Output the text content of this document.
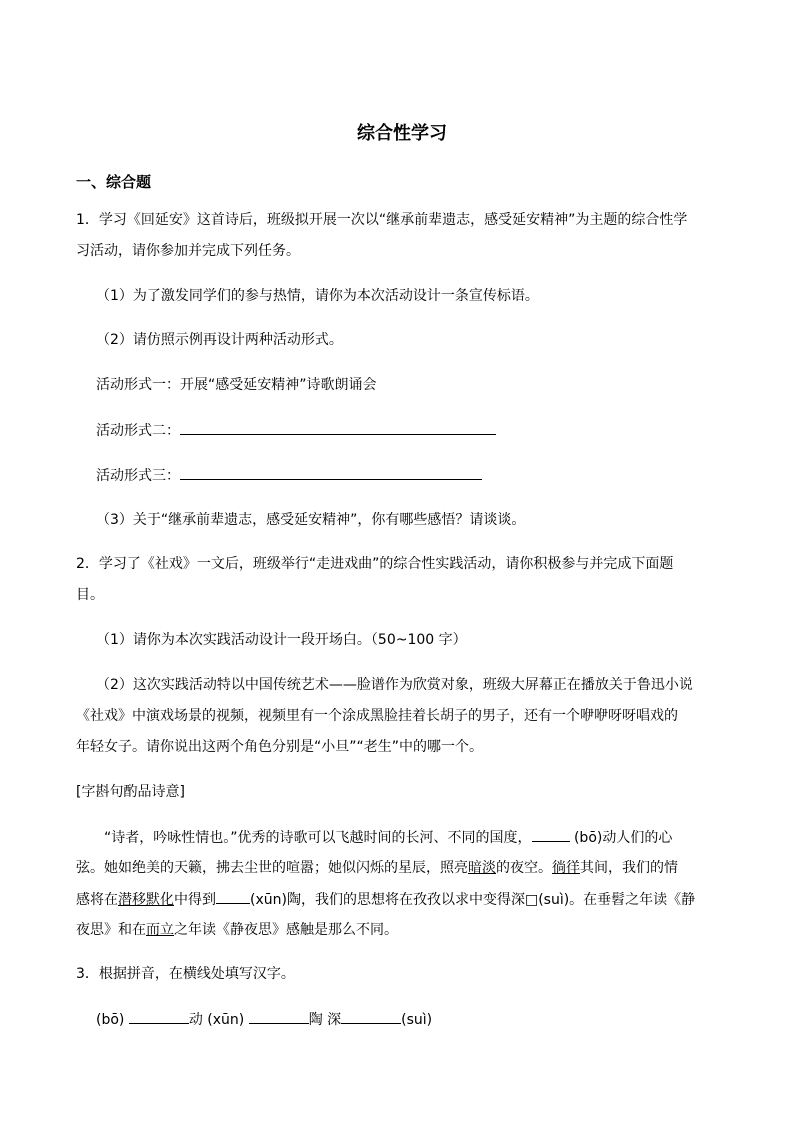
综合性学习
一、综合题
1．学习《回延安》这首诗后，班级拟开展一次以“继承前辈遗志，感受延安精神”为主题的综合性学
习活动，请你参加并完成下列任务。
（1）为了激发同学们的参与热情，请你为本次活动设计一条宣传标语。
（2）请仿照示例再设计两种活动形式。
活动形式一：开展“感受延安精神”诗歌朗诵会
活动形式二：
活动形式三：
（3）关于“继承前辈遗志，感受延安精神”，你有哪些感悟？请谈谈。
2．学习了《社戏》一文后，班级举行“走进戏曲”的综合性实践活动，请你积极参与并完成下面题
目。
（1）请你为本次实践活动设计一段开场白。（50~100 字）
（2）这次实践活动特以中国传统艺术——脸谱作为欣赏对象，班级大屏幕正在播放关于鲁迅小说
《社戏》中演戏场景的视频，视频里有一个涂成黑脸挂着长胡子的男子，还有一个咿咿呀呀唱戏的
年轻女子。请你说出这两个角色分别是“小旦”“老生”中的哪一个。
[字斟句酌品诗意]
“诗者，吟咏性情也。”优秀的诗歌可以飞越时间的长河、不同的国度，	(bō)动人们的心
弦。她如绝美的天籁，拂去尘世的喧嚣；她似闪烁的星辰，照亮暗淡的夜空。徜徉其间，我们的情
感将在潜移默化中得到 (xūn)陶，我们的思想将在孜孜以求中变得深□(suì)。在垂髫之年读《静
夜思》和在而立之年读《静夜思》感触是那么不同。
3．根据拼音，在横线处填写汉字。
(bō)	动 (xūn)	陶 深	(suì)
